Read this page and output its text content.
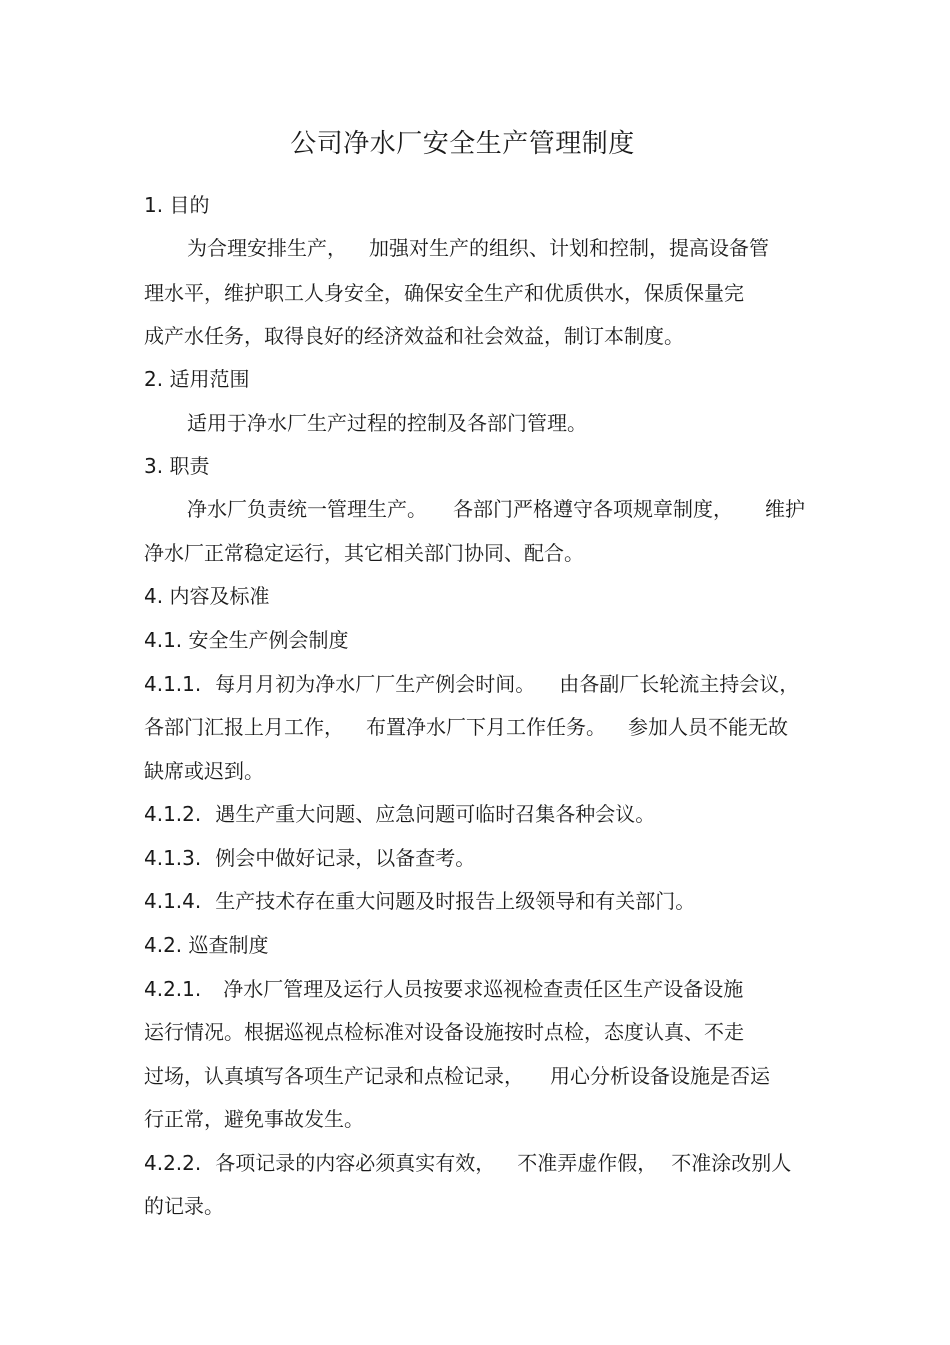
公司净水厂安全生产管理制度
1. 目的
为合理安排生产， 加强对生产的组织、计划和控制，提高设备管
理水平，维护职工人身安全，确保安全生产和优质供水，保质保量完
成产水任务，取得良好的经济效益和社会效益，制订本制度。
2. 适用范围
适用于净水厂生产过程的控制及各部门管理。
3. 职责
净水厂负责统一管理生产。 各部门严格遵守各项规章制度， 维护
净水厂正常稳定运行，其它相关部门协同、配合。
4. 内容及标准
4.1. 安全生产例会制度
4.1.1. 每月月初为净水厂厂生产例会时间。 由各副厂长轮流主持会议，
各部门汇报上月工作， 布置净水厂下月工作任务。 参加人员不能无故
缺席或迟到。
4.1.2. 遇生产重大问题、应急问题可临时召集各种会议。
4.1.3. 例会中做好记录，以备查考。
4.1.4. 生产技术存在重大问题及时报告上级领导和有关部门。
4.2. 巡查制度
4.2.1. 净水厂管理及运行人员按要求巡视检查责任区生产设备设施
运行情况。根据巡视点检标准对设备设施按时点检，态度认真、不走
过场，认真填写各项生产记录和点检记录， 用心分析设备设施是否运
行正常，避免事故发生。
4.2.2. 各项记录的内容必须真实有效， 不准弄虚作假， 不准涂改别人
的记录。
